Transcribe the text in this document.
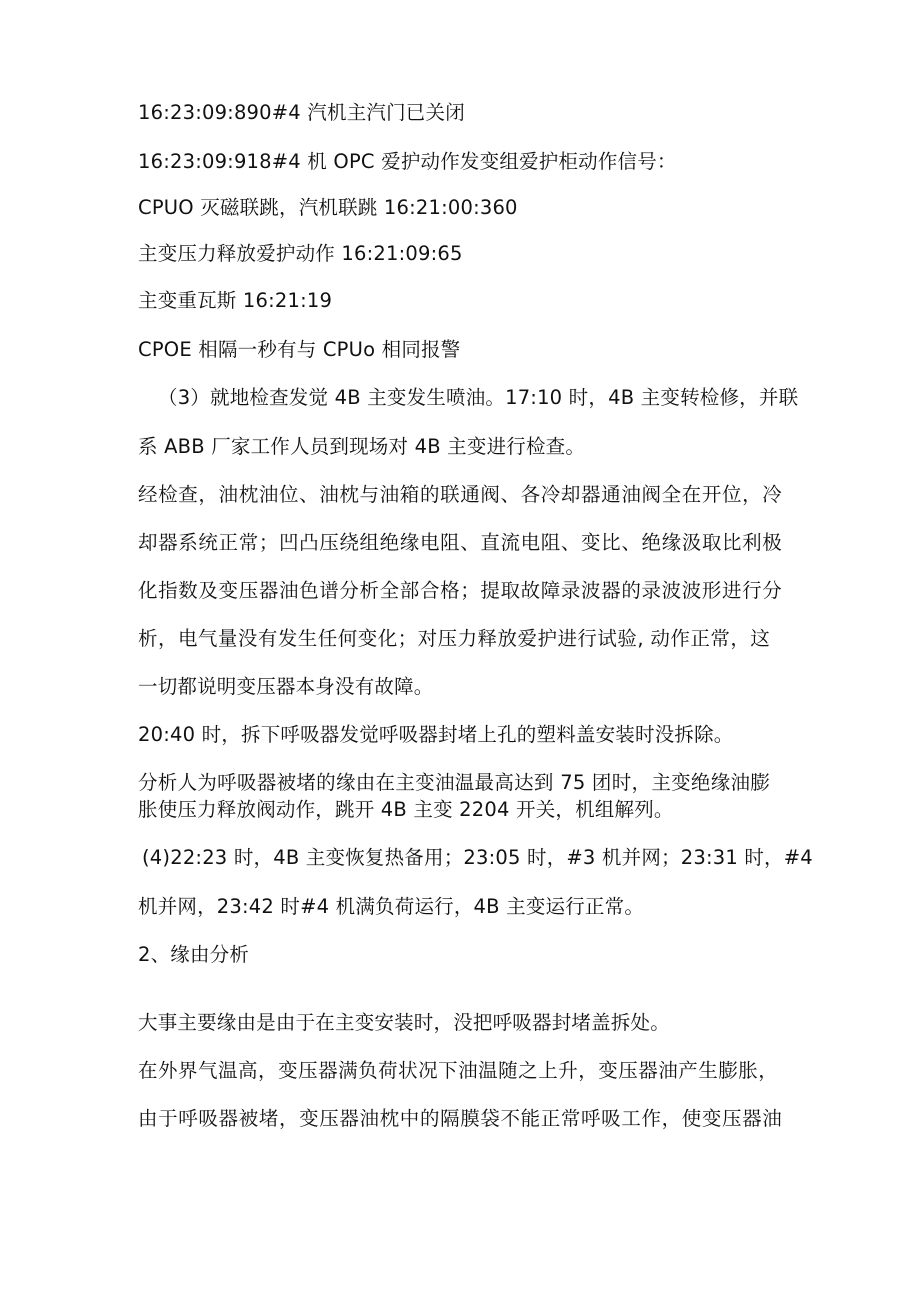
16:23:09:890#4 汽机主汽门已关闭
16:23:09:918#4 机 OPC 爱护动作发变组爱护柜动作信号：
CPUO 灭磁联跳，汽机联跳 16:21:00:360
主变压力释放爱护动作 16:21:09:65
主变重瓦斯 16:21:19
CPOE 相隔一秒有与 CPUo 相同报警
（3）就地检查发觉 4B 主变发生喷油。17:10 时，4B 主变转检修，并联
系 ABB 厂家工作人员到现场对 4B 主变进行检查。
经检查，油枕油位、油枕与油箱的联通阀、各冷却器通油阀全在开位，冷
却器系统正常；凹凸压绕组绝缘电阻、直流电阻、变比、绝缘汲取比利极
化指数及变压器油色谱分析全部合格；提取故障录波器的录波波形进行分
析，电气量没有发生任何变化；对压力释放爱护进行试验, 动作正常，这
一切都说明变压器本身没有故障。
20:40 时，拆下呼吸器发觉呼吸器封堵上孔的塑料盖安装时没拆除。
分析人为呼吸器被堵的缘由在主变油温最高达到 75 团时，主变绝缘油膨
胀使压力释放阀动作，跳开 4B 主变 2204 开关，机组解列。
(4)22:23 时，4B 主变恢复热备用；23:05 时，#3 机并网；23:31 时，#4
机并网，23:42 时#4 机满负荷运行，4B 主变运行正常。
2、缘由分析
大事主要缘由是由于在主变安装时，没把呼吸器封堵盖拆处。
在外界气温高，变压器满负荷状况下油温随之上升，变压器油产生膨胀，
由于呼吸器被堵，变压器油枕中的隔膜袋不能正常呼吸工作，使变压器油
